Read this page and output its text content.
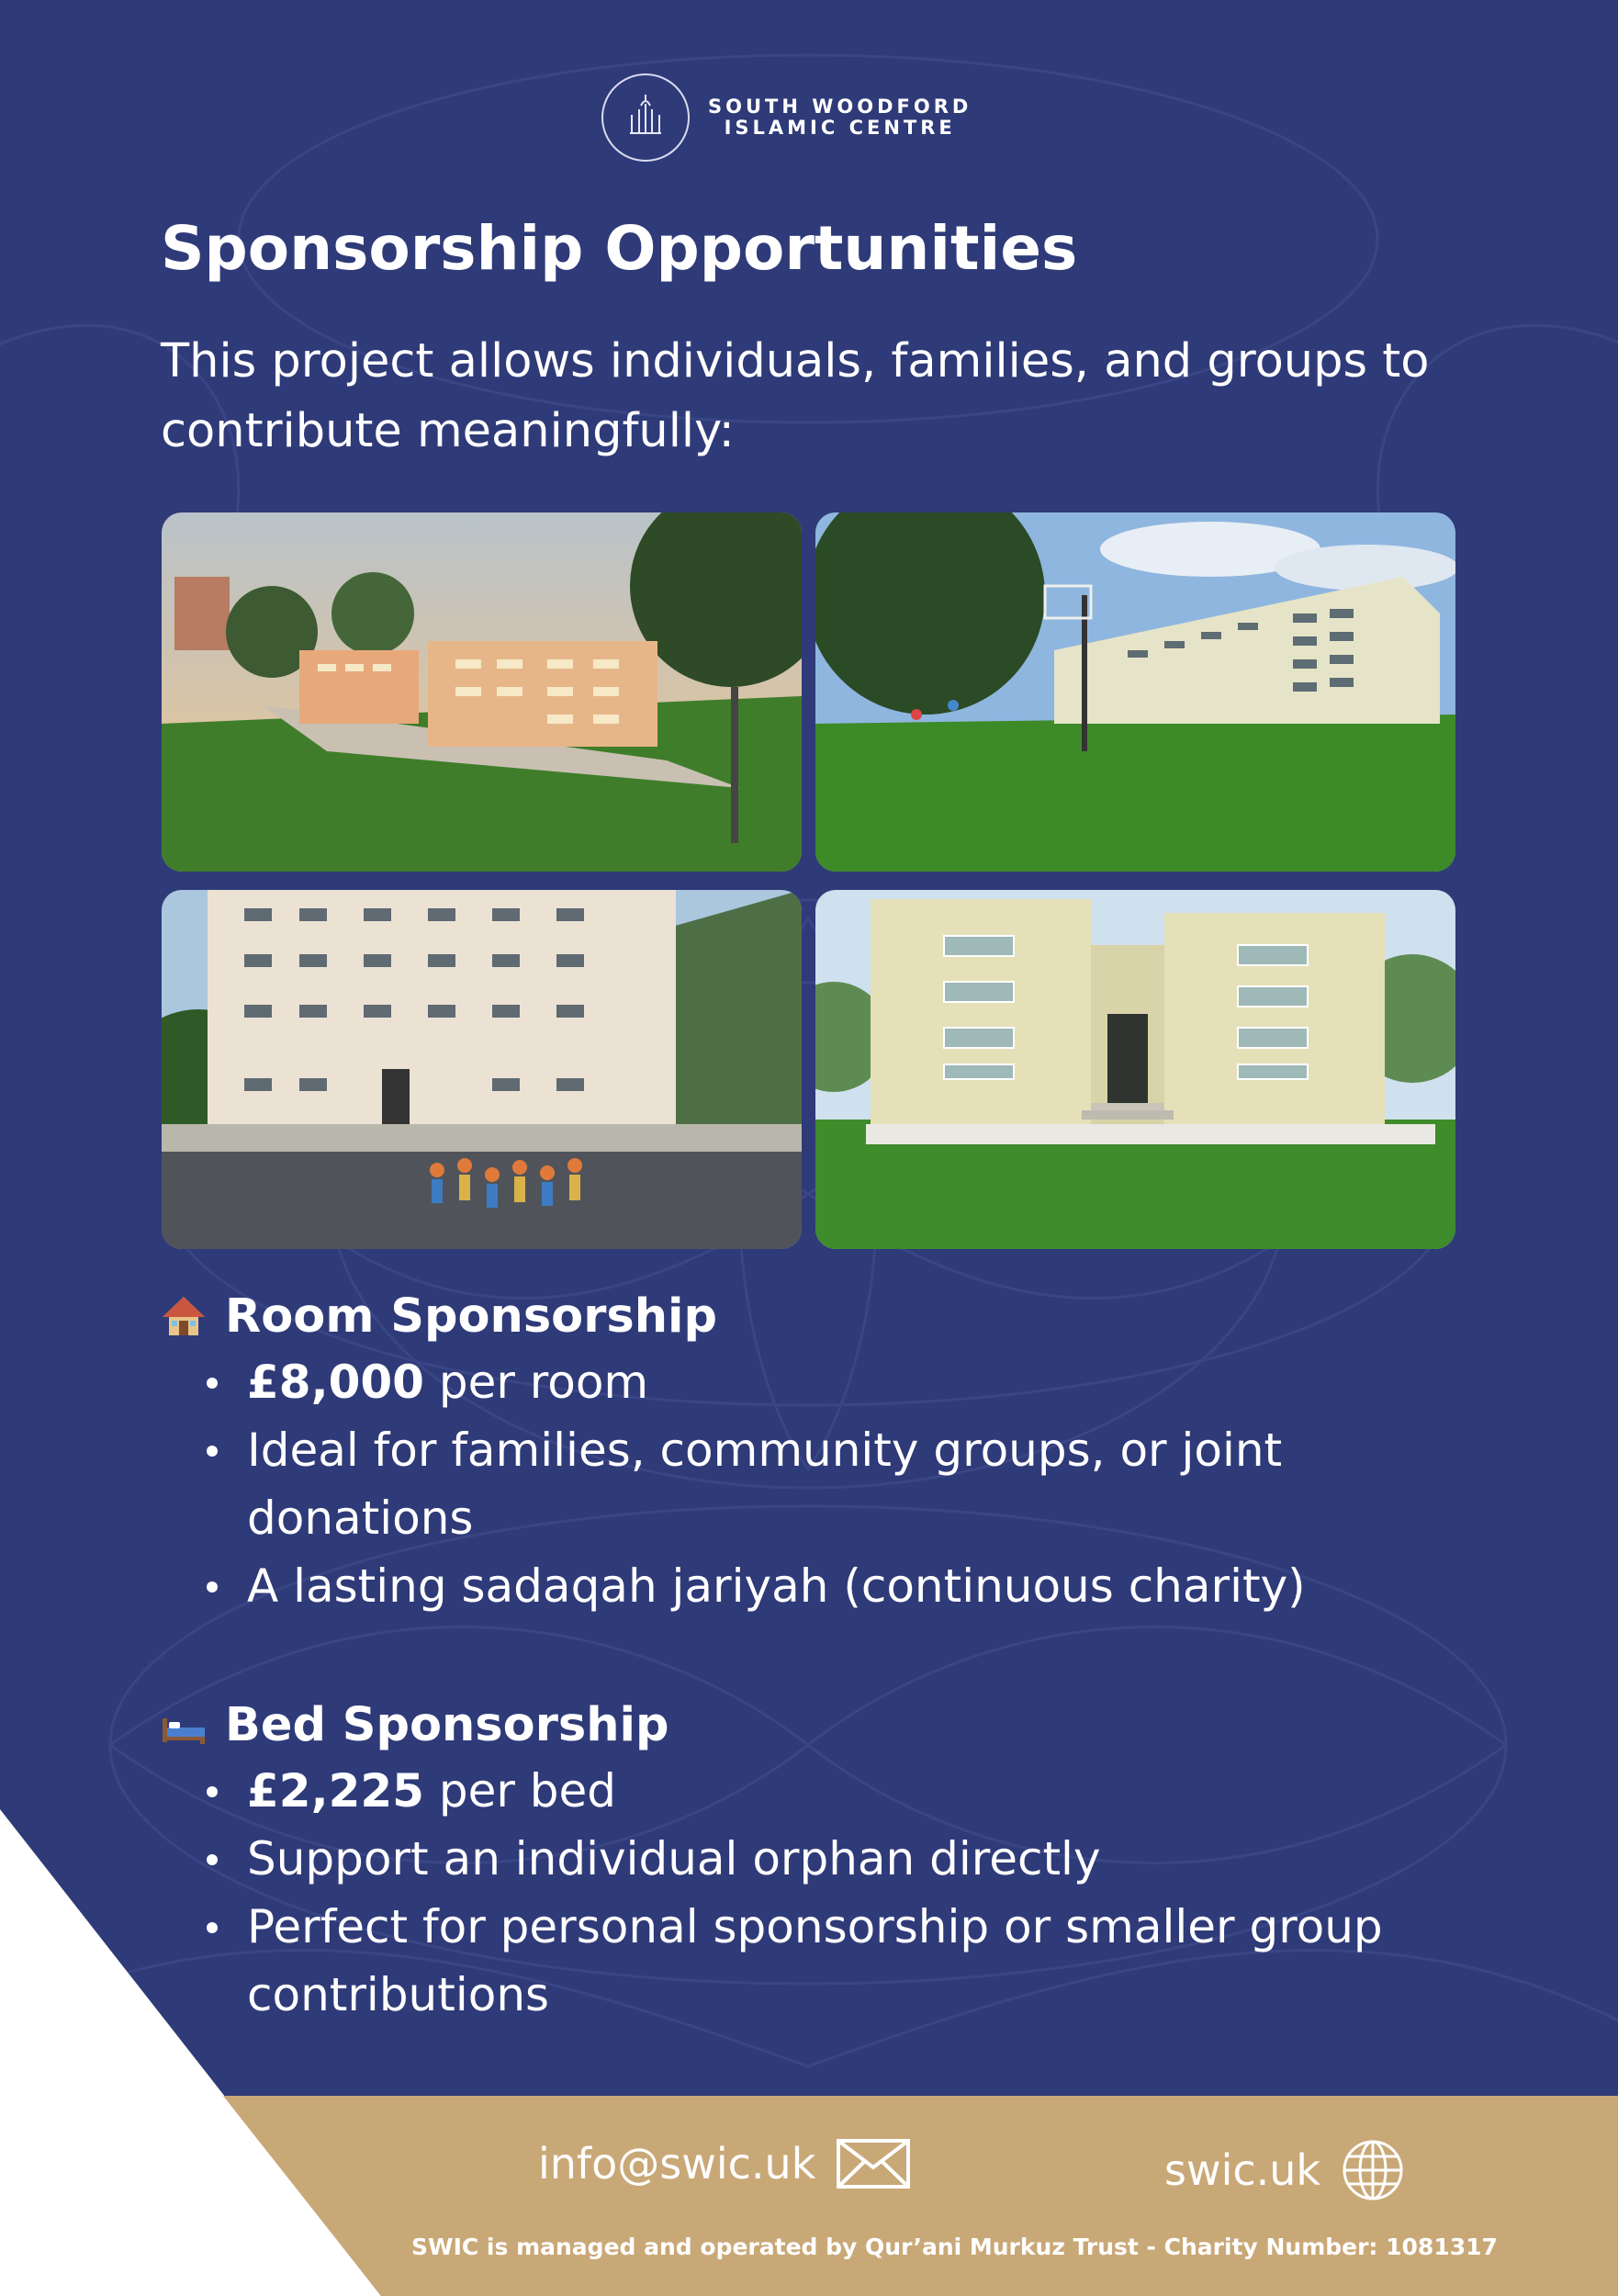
SOUTH WOODFORD
ISLAMIC CENTRE
Sponsorship Opportunities

This project allows individuals, families, and groups to contribute meaningfully:

Room Sponsorship
£8,000 per room
Ideal for families, community groups, or joint donations
A lasting sadaqah jariyah (continuous charity)
Bed Sponsorship
£2,225 per bed
Support an individual orphan directly
Perfect for personal sponsorship or smaller group contributions
info@swic.uk	swic.uk
SWIC is managed and operated by Qur’ani Murkuz Trust - Charity Number: 1081317
